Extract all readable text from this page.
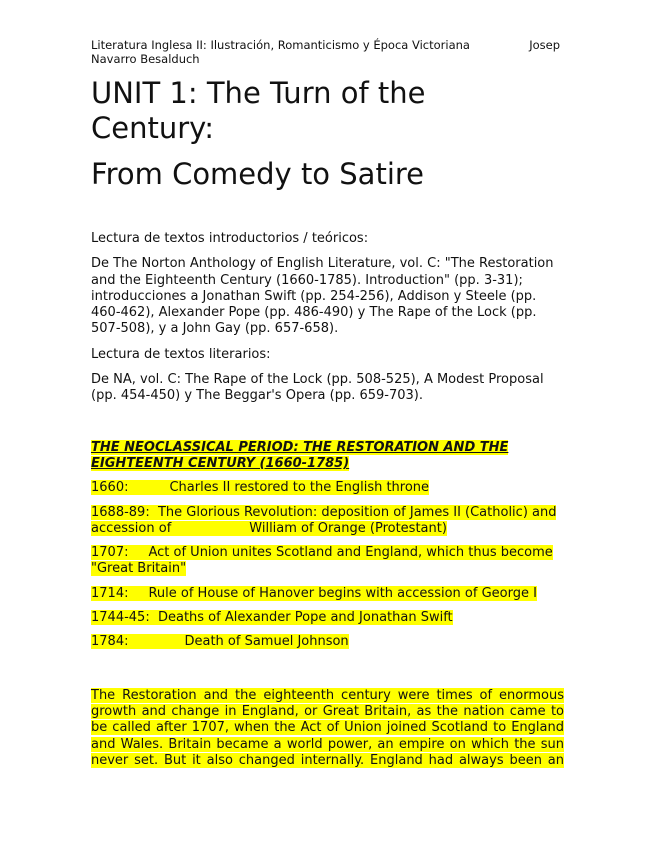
Literatura Inglesa II: Ilustración, Romanticismo y Época Victoriana	Josep
Navarro Besalduch
UNIT 1: The Turn of the
Century:
From Comedy to Satire
Lectura de textos introductorios / teóricos:
De The Norton Anthology of English Literature, vol. C: "The Restoration and the Eighteenth Century (1660-1785). Introduction" (pp. 3-31); introducciones a Jonathan Swift (pp. 254-256), Addison y Steele (pp. 460-462), Alexander Pope (pp. 486-490) y The Rape of the Lock (pp. 507-508), y a John Gay (pp. 657-658).
Lectura de textos literarios:
De NA, vol. C: The Rape of the Lock (pp. 508-525), A Modest Proposal (pp. 454-450) y The Beggar's Opera (pp. 659-703).
THE NEOCLASSICAL PERIOD: THE RESTORATION AND THE EIGHTEENTH CENTURY (1660-1785)
1660:	Charles II restored to the English throne
1688-89: The Glorious Revolution: deposition of James II (Catholic) and accession of	William of Orange (Protestant)
1707: Act of Union unites Scotland and England, which thus become "Great Britain"
1714: Rule of House of Hanover begins with accession of George I
1744-45: Deaths of Alexander Pope and Jonathan Swift
1784:	Death of Samuel Johnson
The Restoration and the eighteenth century were times of enormous growth and change in England, or Great Britain, as the nation came to be called after 1707, when the Act of Union joined Scotland to England and Wales. Britain became a world power, an empire on which the sun never set. But it also changed internally. England had always been an
